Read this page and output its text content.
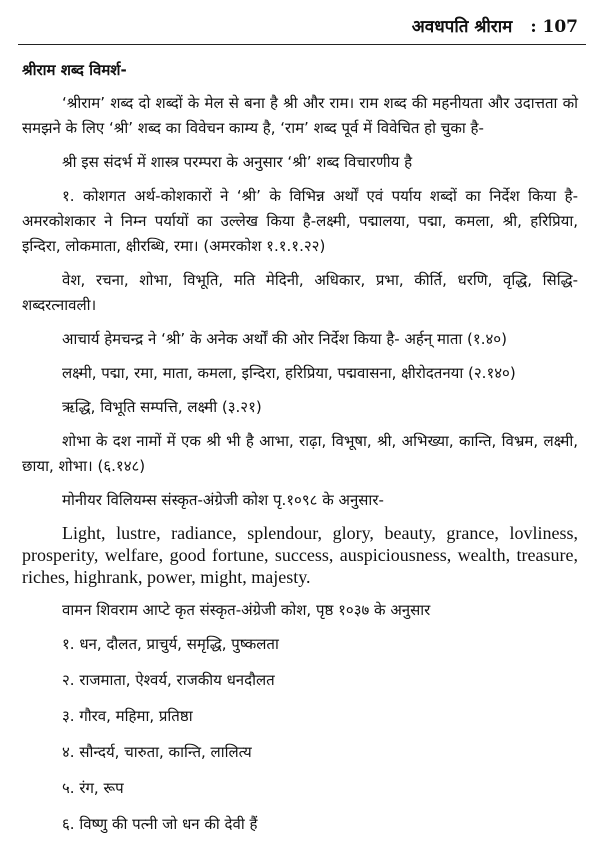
अवधपति श्रीराम : 107

श्रीराम शब्द विमर्श-

‘श्रीराम’ शब्द दो शब्दों के मेल से बना है श्री और राम। राम शब्द की महनीयता और उदात्तता को समझने के लिए ‘श्री’ शब्द का विवेचन काम्य है, ‘राम’ शब्द पूर्व में विवेचित हो चुका है-

श्री इस संदर्भ में शास्त्र परम्परा के अनुसार ‘श्री’ शब्द विचारणीय है

१. कोशगत अर्थ-कोशकारों ने ‘श्री’ के विभिन्न अर्थों एवं पर्याय शब्दों का निर्देश किया है- अमरकोशकार ने निम्न पर्यायों का उल्लेख किया है-लक्ष्मी, पद्मालया, पद्मा, कमला, श्री, हरिप्रिया, इन्दिरा, लोकमाता, क्षीरब्धि, रमा। (अमरकोश १.१.१.२२)

वेश, रचना, शोभा, विभूति, मति मेदिनी, अधिकार, प्रभा, कीर्ति, धरणि, वृद्धि, सिद्धि-शब्दरत्नावली।

आचार्य हेमचन्द्र ने ‘श्री’ के अनेक अर्थों की ओर निर्देश किया है- अर्हन् माता (१.४०)

लक्ष्मी, पद्मा, रमा, माता, कमला, इन्दिरा, हरिप्रिया, पद्मवासना, क्षीरोदतनया (२.१४०)

ऋद्धि, विभूति सम्पत्ति, लक्ष्मी (३.२१)

शोभा के दश नामों में एक श्री भी है आभा, राढ़ा, विभूषा, श्री, अभिख्या, कान्ति, विभ्रम, लक्ष्मी, छाया, शोभा। (६.१४८)

मोनीयर विलियम्स संस्कृत-अंग्रेजी कोश पृ.१०९८ के अनुसार-

Light, lustre, radiance, splendour, glory, beauty, grance, lovliness, prosperity, welfare, good fortune, success, auspiciousness, wealth, treasure, riches, highrank, power, might, majesty.

वामन शिवराम आप्टे कृत संस्कृत-अंग्रेजी कोश, पृष्ठ १०३७ के अनुसार

१. धन, दौलत, प्राचुर्य, समृद्धि, पुष्कलता

२. राजमाता, ऐश्वर्य, राजकीय धनदौलत

३. गौरव, महिमा, प्रतिष्ठा

४. सौन्दर्य, चारुता, कान्ति, लालित्य

५. रंग, रूप

६. विष्णु की पत्नी जो धन की देवी हैं
